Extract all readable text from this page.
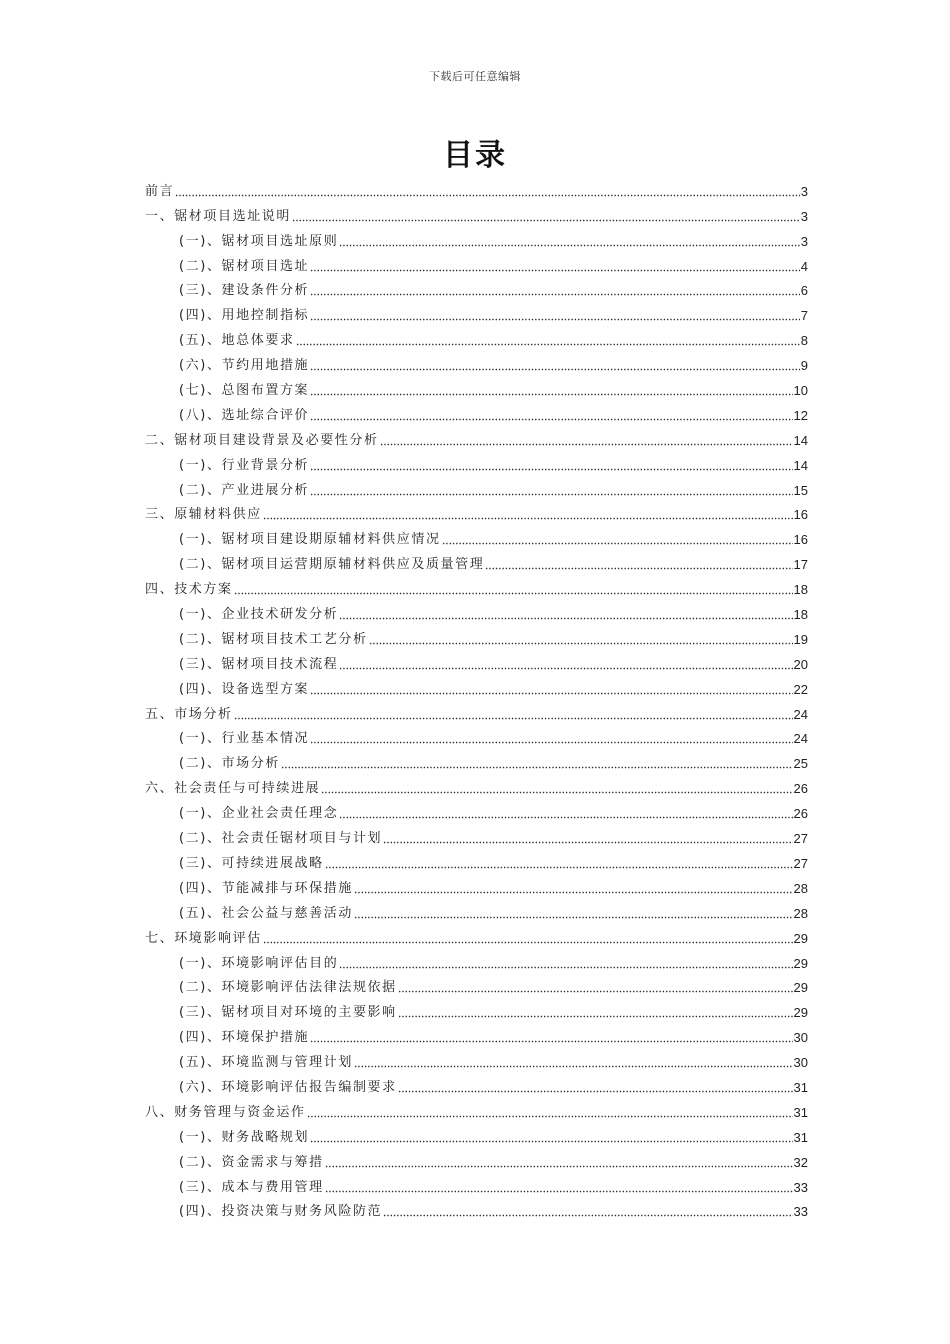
下载后可任意编辑
目录
前言	3
一、锯材项目选址说明	3
(一)、锯材项目选址原则	3
(二)、锯材项目选址	4
(三)、建设条件分析	6
(四)、用地控制指标	7
(五)、地总体要求	8
(六)、节约用地措施	9
(七)、总图布置方案	10
(八)、选址综合评价	12
二、锯材项目建设背景及必要性分析	14
(一)、行业背景分析	14
(二)、产业进展分析	15
三、原辅材料供应	16
(一)、锯材项目建设期原辅材料供应情况	16
(二)、锯材项目运营期原辅材料供应及质量管理	17
四、技术方案	18
(一)、企业技术研发分析	18
(二)、锯材项目技术工艺分析	19
(三)、锯材项目技术流程	20
(四)、设备选型方案	22
五、市场分析	24
(一)、行业基本情况	24
(二)、市场分析	25
六、社会责任与可持续进展	26
(一)、企业社会责任理念	26
(二)、社会责任锯材项目与计划	27
(三)、可持续进展战略	27
(四)、节能减排与环保措施	28
(五)、社会公益与慈善活动	28
七、环境影响评估	29
(一)、环境影响评估目的	29
(二)、环境影响评估法律法规依据	29
(三)、锯材项目对环境的主要影响	29
(四)、环境保护措施	30
(五)、环境监测与管理计划	30
(六)、环境影响评估报告编制要求	31
八、财务管理与资金运作	31
(一)、财务战略规划	31
(二)、资金需求与筹措	32
(三)、成本与费用管理	33
(四)、投资决策与财务风险防范	33
